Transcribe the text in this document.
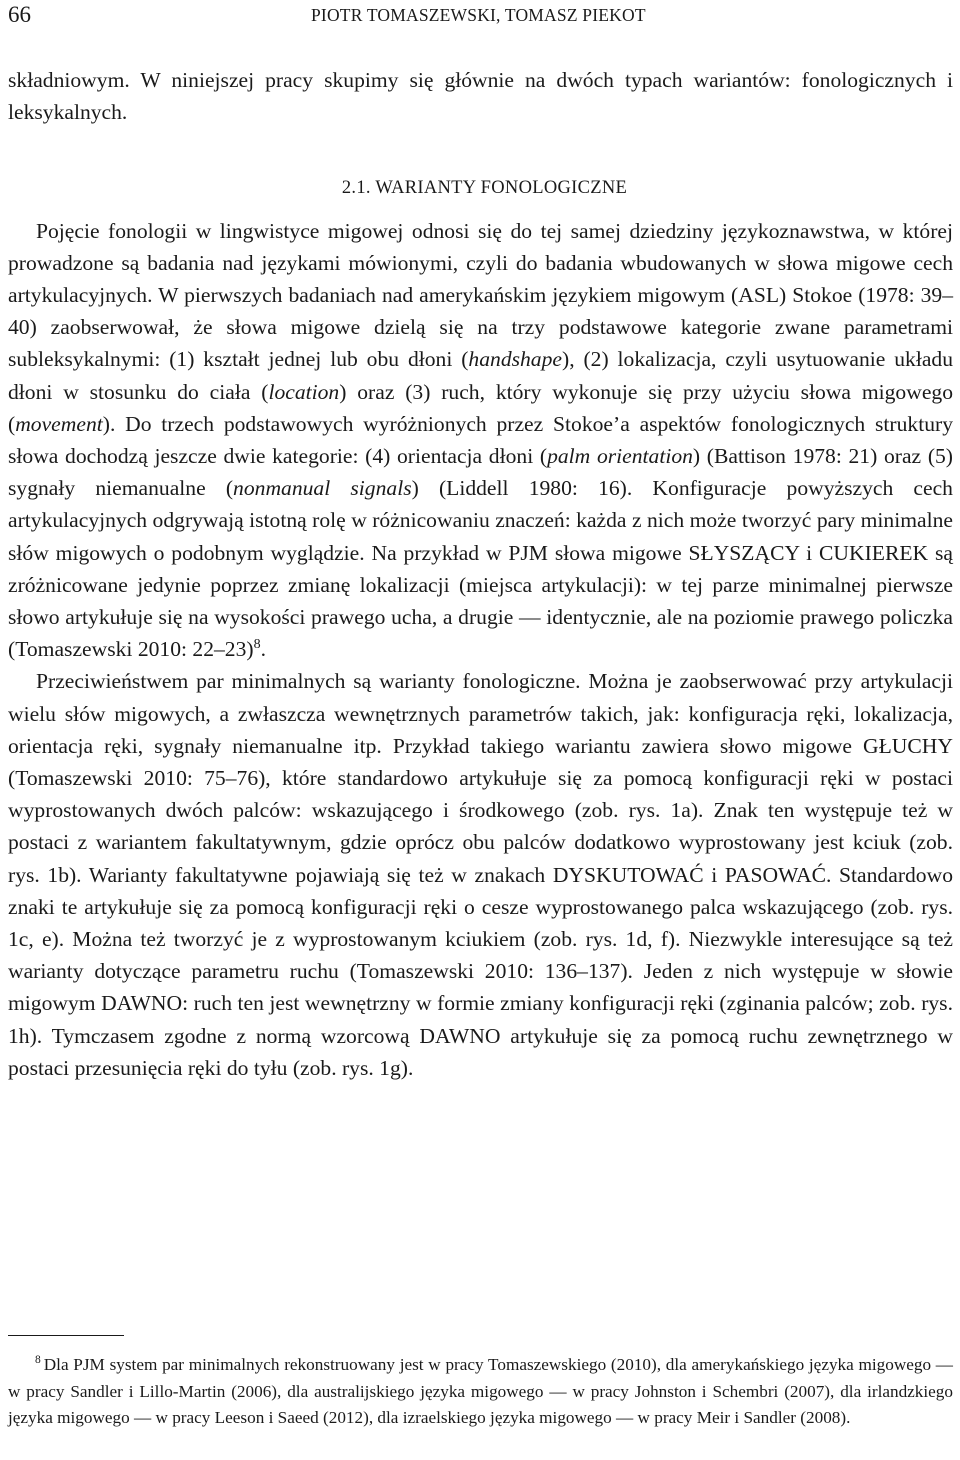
66	PIOTR TOMASZEWSKI, TOMASZ PIEKOT

składniowym. W niniejszej pracy skupimy się głównie na dwóch typach wariantów: fonologicznych i leksykalnych.

2.1. WARIANTY FONOLOGICZNE

Pojęcie fonologii w lingwistyce migowej odnosi się do tej samej dziedziny językoznawstwa, w której prowadzone są badania nad językami mówionymi, czyli do badania wbudowanych w słowa migowe cech artykulacyjnych. W pierwszych badaniach nad amerykańskim językiem migowym (ASL) Stokoe (1978: 39–40) zaobserwował, że słowa migowe dzielą się na trzy podstawowe kategorie zwane parametrami subleksykalnymi: (1) kształt jednej lub obu dłoni (handshape), (2) lokalizacja, czyli usytuowanie układu dłoni w stosunku do ciała (location) oraz (3) ruch, który wykonuje się przy użyciu słowa migowego (movement). Do trzech podstawowych wyróżnionych przez Stokoe’a aspektów fonologicznych struktury słowa dochodzą jeszcze dwie kategorie: (4) orientacja dłoni (palm orientation) (Battison 1978: 21) oraz (5) sygnały niemanualne (nonmanual signals) (Liddell 1980: 16). Konfiguracje powyższych cech artykulacyjnych odgrywają istotną rolę w różnicowaniu znaczeń: każda z nich może tworzyć pary minimalne słów migowych o podobnym wyglądzie. Na przykład w PJM słowa migowe SŁYSZĄCY i CUKIEREK są zróżnicowane jedynie poprzez zmianę lokalizacji (miejsca artykulacji): w tej parze minimalnej pierwsze słowo artykułuje się na wysokości prawego ucha, a drugie — identycznie, ale na poziomie prawego policzka (Tomaszewski 2010: 22–23)$^8$.

Przeciwieństwem par minimalnych są warianty fonologiczne. Można je zaobserwować przy artykulacji wielu słów migowych, a zwłaszcza wewnętrznych parametrów takich, jak: konfiguracja ręki, lokalizacja, orientacja ręki, sygnały niemanualne itp. Przykład takiego wariantu zawiera słowo migowe GŁUCHY (Tomaszewski 2010: 75–76), które standardowo artykułuje się za pomocą konfiguracji ręki w postaci wyprostowanych dwóch palców: wskazującego i środkowego (zob. rys. 1a). Znak ten występuje też w postaci z wariantem fakultatywnym, gdzie oprócz obu palców dodatkowo wyprostowany jest kciuk (zob. rys. 1b). Warianty fakultatywne pojawiają się też w znakach DYSKUTOWAĆ i PASOWAĆ. Standardowo znaki te artykułuje się za pomocą konfiguracji ręki o cesze wyprostowanego palca wskazującego (zob. rys. 1c, e). Można też tworzyć je z wyprostowanym kciukiem (zob. rys. 1d, f). Niezwykle interesujące są też warianty dotyczące parametru ruchu (Tomaszewski 2010: 136–137). Jeden z nich występuje w słowie migowym DAWNO: ruch ten jest wewnętrzny w formie zmiany konfiguracji ręki (zginania palców; zob. rys. 1h). Tymczasem zgodne z normą wzorcową DAWNO artykułuje się za pomocą ruchu zewnętrznego w postaci przesunięcia ręki do tyłu (zob. rys. 1g).

$^8$ Dla PJM system par minimalnych rekonstruowany jest w pracy Tomaszewskiego (2010), dla amerykańskiego języka migowego — w pracy Sandler i Lillo-Martin (2006), dla australijskiego języka migowego — w pracy Johnston i Schembri (2007), dla irlandzkiego języka migowego — w pracy Leeson i Saeed (2012), dla izraelskiego języka migowego — w pracy Meir i Sandler (2008).
